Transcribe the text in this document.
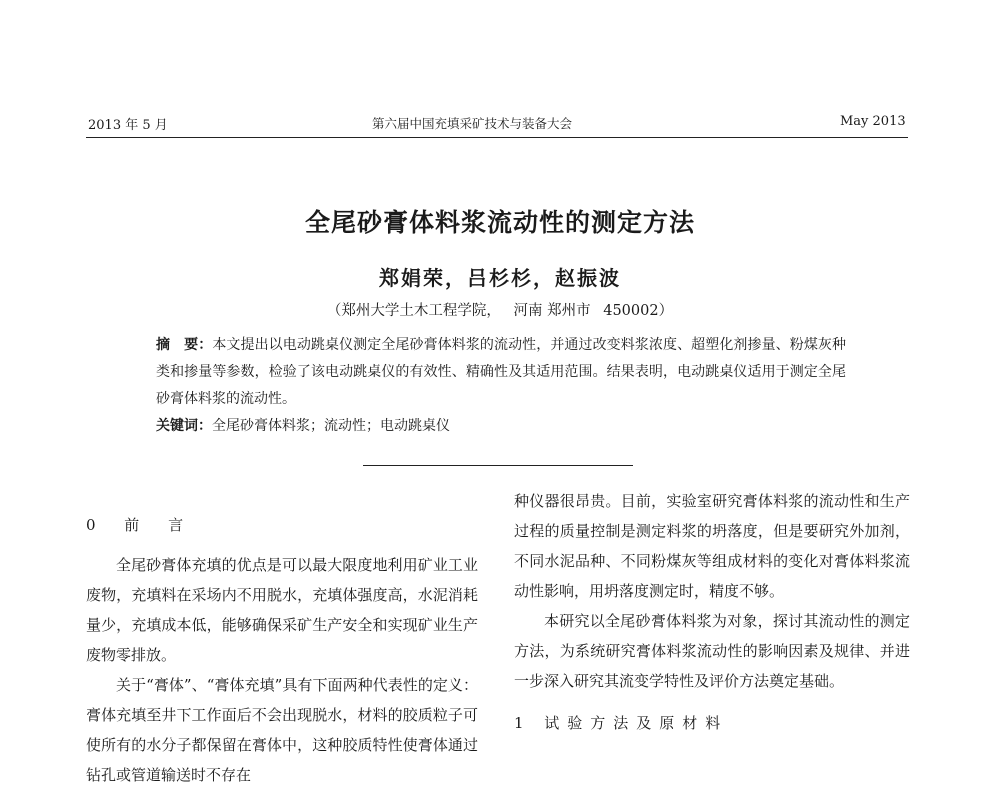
2013 年 5 月	第六届中国充填采矿技术与装备大会	May 2013
全尾砂膏体料浆流动性的测定方法
郑娟荣，吕杉杉，赵振波
（郑州大学土木工程学院， 河南 郑州市 450002）
摘　要：本文提出以电动跳桌仪测定全尾砂膏体料浆的流动性，并通过改变料浆浓度、超塑化剂掺量、粉煤灰种类和掺量等参数，检验了该电动跳桌仪的有效性、精确性及其适用范围。结果表明，电动跳桌仪适用于测定全尾砂膏体料浆的流动性。
关键词：全尾砂膏体料浆；流动性；电动跳桌仪
0 前 言

全尾砂膏体充填的优点是可以最大限度地利用矿业工业废物，充填料在采场内不用脱水，充填体强度高，水泥消耗量少，充填成本低，能够确保采矿生产安全和实现矿业生产废物零排放。

关于“膏体”、“膏体充填”具有下面两种代表性的定义：膏体充填至井下工作面后不会出现脱水，材料的胶质粒子可使所有的水分子都保留在膏体中，这种胶质特性使膏体通过钻孔或管道输送时不存在

种仪器很昂贵。目前，实验室研究膏体料浆的流动性和生产过程的质量控制是测定料浆的坍落度，但是要研究外加剂，不同水泥品种、不同粉煤灰等组成材料的变化对膏体料浆流动性影响，用坍落度测定时，精度不够。

本研究以全尾砂膏体料浆为对象，探讨其流动性的测定方法，为系统研究膏体料浆流动性的影响因素及规律、并进一步深入研究其流变学特性及评价方法奠定基础。

1 试验方法及原材料
